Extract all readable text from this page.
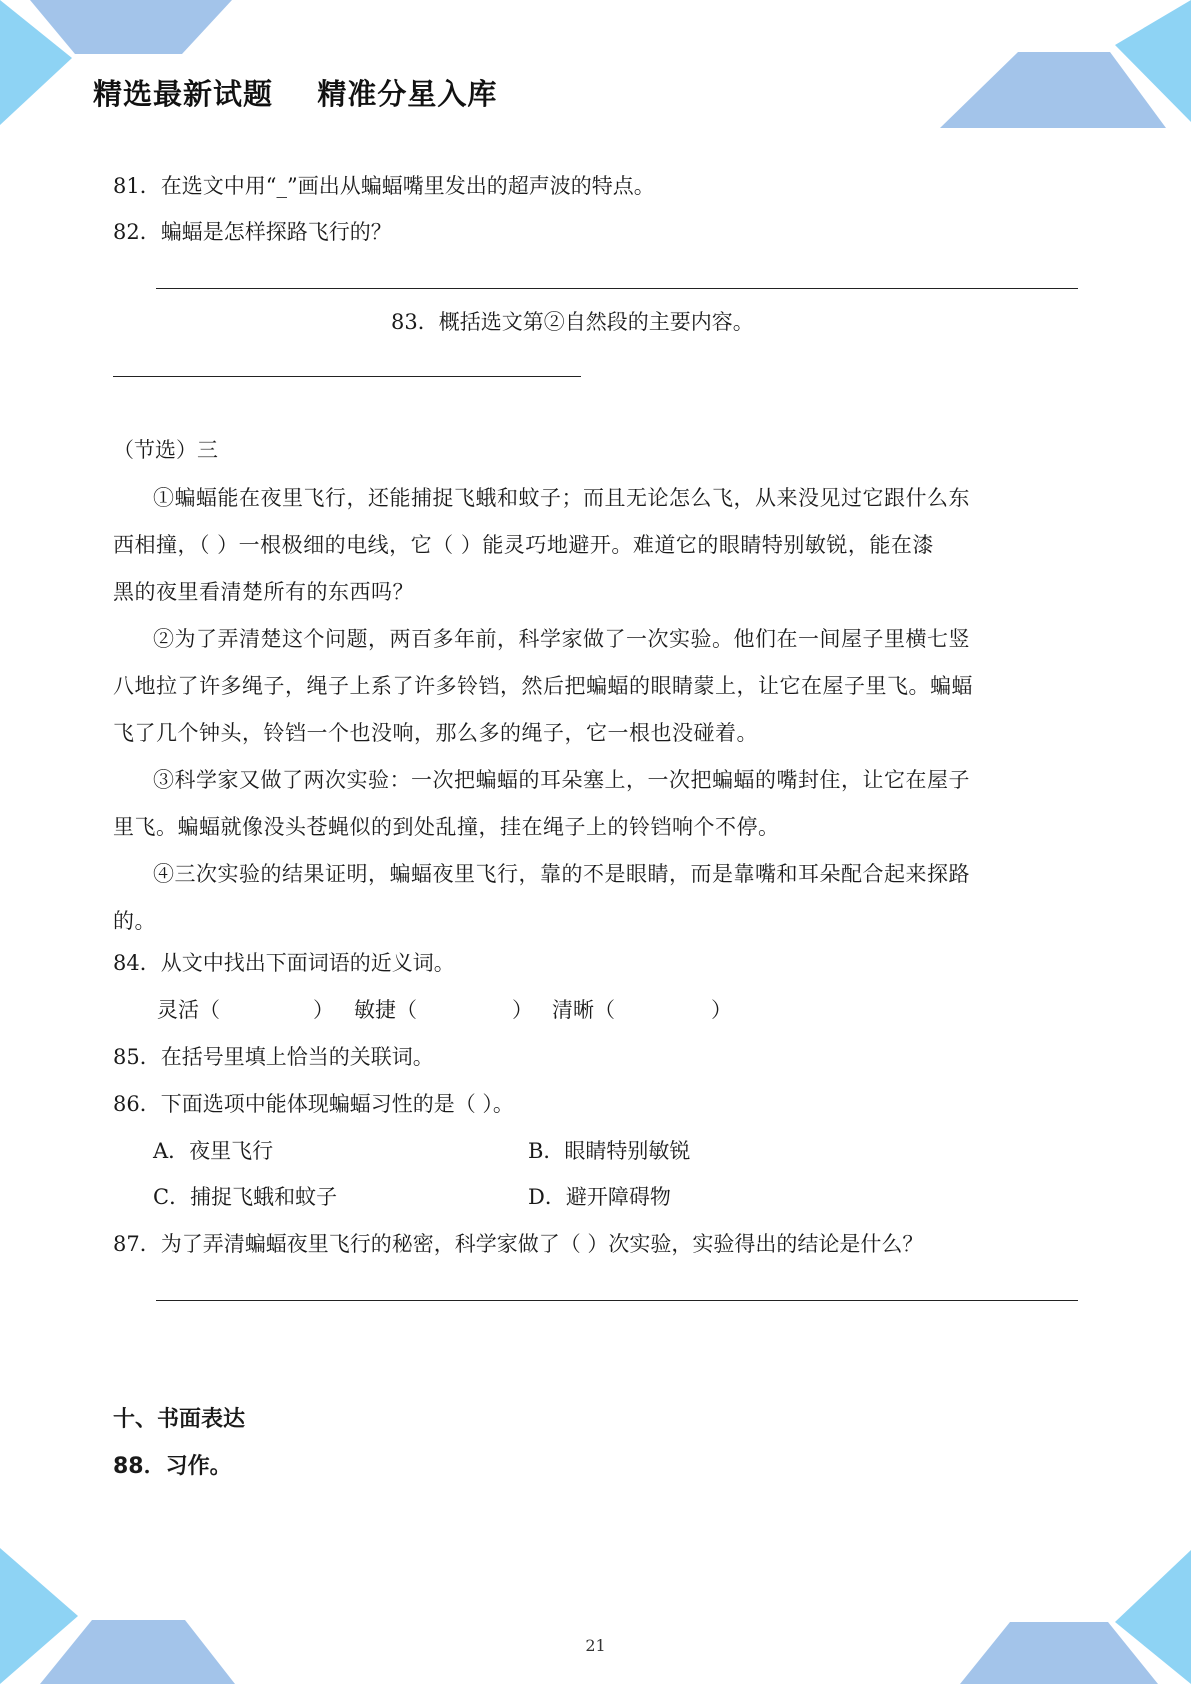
精选最新试题    精准分星入库
81．在选文中用“_”画出从蝙蝠嘴里发出的超声波的特点。
82．蝙蝠是怎样探路飞行的？
83．概括选文第②自然段的主要内容。
（节选）三
①蝙蝠能在夜里飞行，还能捕捉飞蛾和蚊子；而且无论怎么飞，从来没见过它跟什么东
西相撞，（ ）一根极细的电线，它（ ）能灵巧地避开。难道它的眼睛特别敏锐，能在漆
黑的夜里看清楚所有的东西吗？
②为了弄清楚这个问题，两百多年前，科学家做了一次实验。他们在一间屋子里横七竖
八地拉了许多绳子，绳子上系了许多铃铛，然后把蝙蝠的眼睛蒙上，让它在屋子里飞。蝙蝠
飞了几个钟头，铃铛一个也没响，那么多的绳子，它一根也没碰着。
③科学家又做了两次实验：一次把蝙蝠的耳朵塞上，一次把蝙蝠的嘴封住，让它在屋子
里飞。蝙蝠就像没头苍蝇似的到处乱撞，挂在绳子上的铃铛响个不停。
④三次实验的结果证明，蝙蝠夜里飞行，靠的不是眼睛，而是靠嘴和耳朵配合起来探路
的。
84．从文中找出下面词语的近义词。
灵活（	） 敏捷（	） 清晰（	）
85．在括号里填上恰当的关联词。
86．下面选项中能体现蝙蝠习性的是（ ）。
A．夜里飞行	B．眼睛特别敏锐
C．捕捉飞蛾和蚊子	D．避开障碍物
87．为了弄清蝙蝠夜里飞行的秘密，科学家做了（ ）次实验，实验得出的结论是什么？
十、书面表达
88．习作。
21
